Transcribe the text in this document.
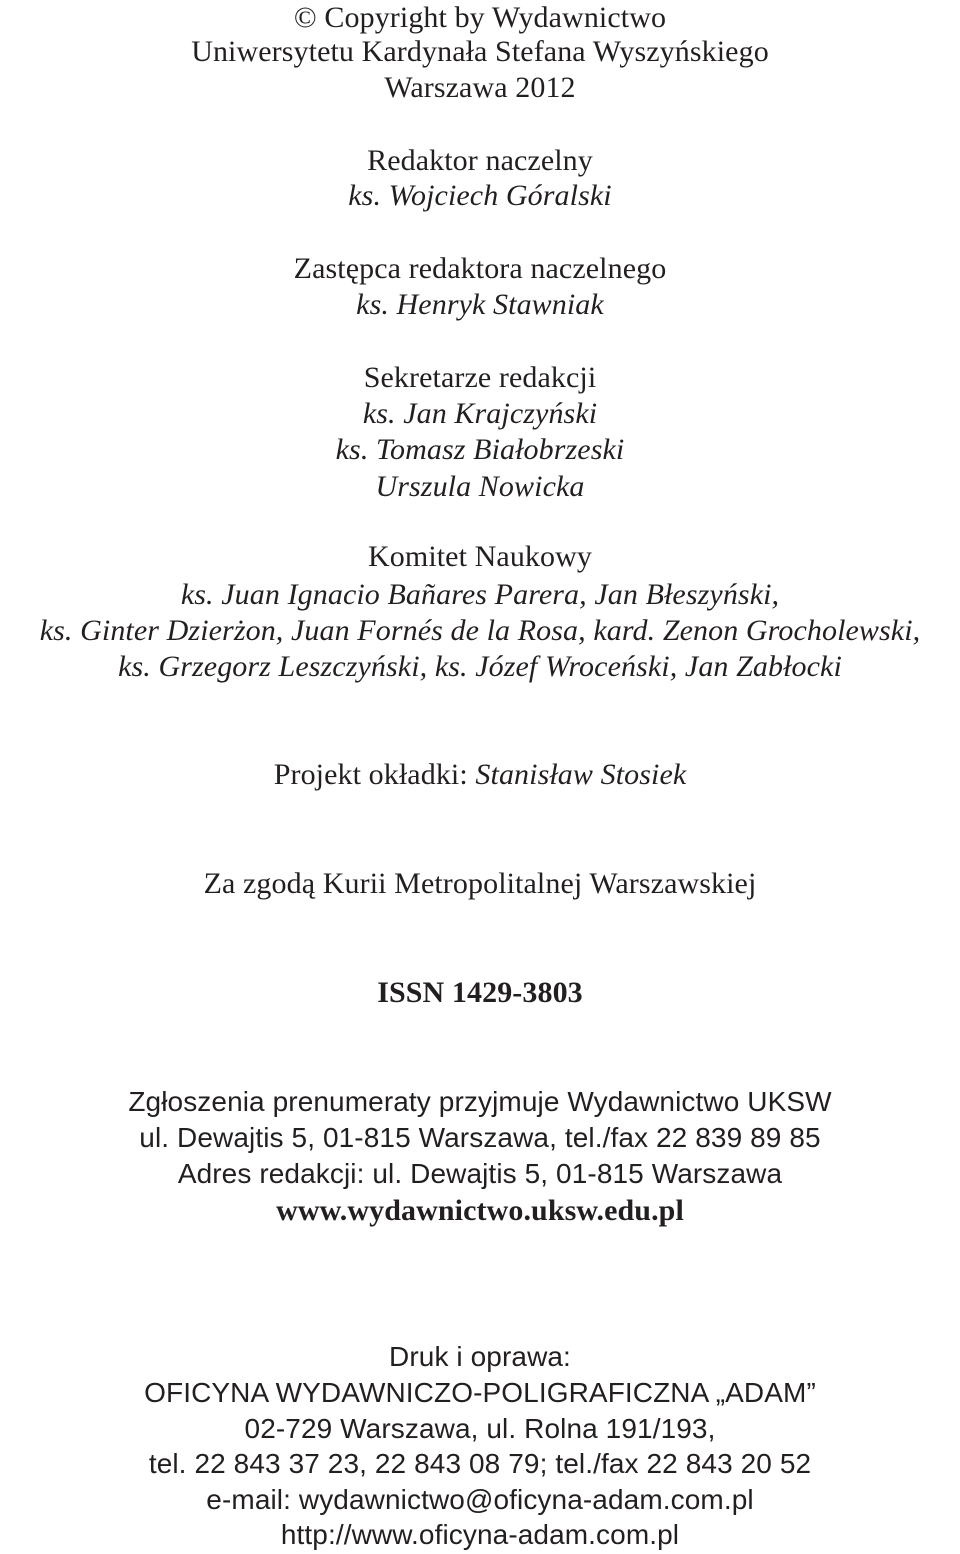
© Copyright by Wydawnictwo
Uniwersytetu Kardynała Stefana Wyszyńskiego
Warszawa 2012
Redaktor naczelny
ks. Wojciech Góralski
Zastępca redaktora naczelnego
ks. Henryk Stawniak
Sekretarze redakcji
ks. Jan Krajczyński
ks. Tomasz Białobrzeski
Urszula Nowicka
Komitet Naukowy
ks. Juan Ignacio Bañares Parera, Jan Błeszyński,
ks. Ginter Dzierżon, Juan Fornés de la Rosa, kard. Zenon Grocholewski,
ks. Grzegorz Leszczyński, ks. Józef Wroceński, Jan Zabłocki
Projekt okładki: Stanisław Stosiek
Za zgodą Kurii Metropolitalnej Warszawskiej
ISSN 1429-3803
Zgłoszenia prenumeraty przyjmuje Wydawnictwo UKSW
ul. Dewajtis 5, 01-815 Warszawa, tel./fax 22 839 89 85
Adres redakcji: ul. Dewajtis 5, 01-815 Warszawa
www.wydawnictwo.uksw.edu.pl
Druk i oprawa:
OFICYNA WYDAWNICZO-POLIGRAFICZNA „ADAM”
02-729 Warszawa, ul. Rolna 191/193,
tel. 22 843 37 23, 22 843 08 79; tel./fax 22 843 20 52
e-mail: wydawnictwo@oficyna-adam.com.pl
http://www.oficyna-adam.com.pl
